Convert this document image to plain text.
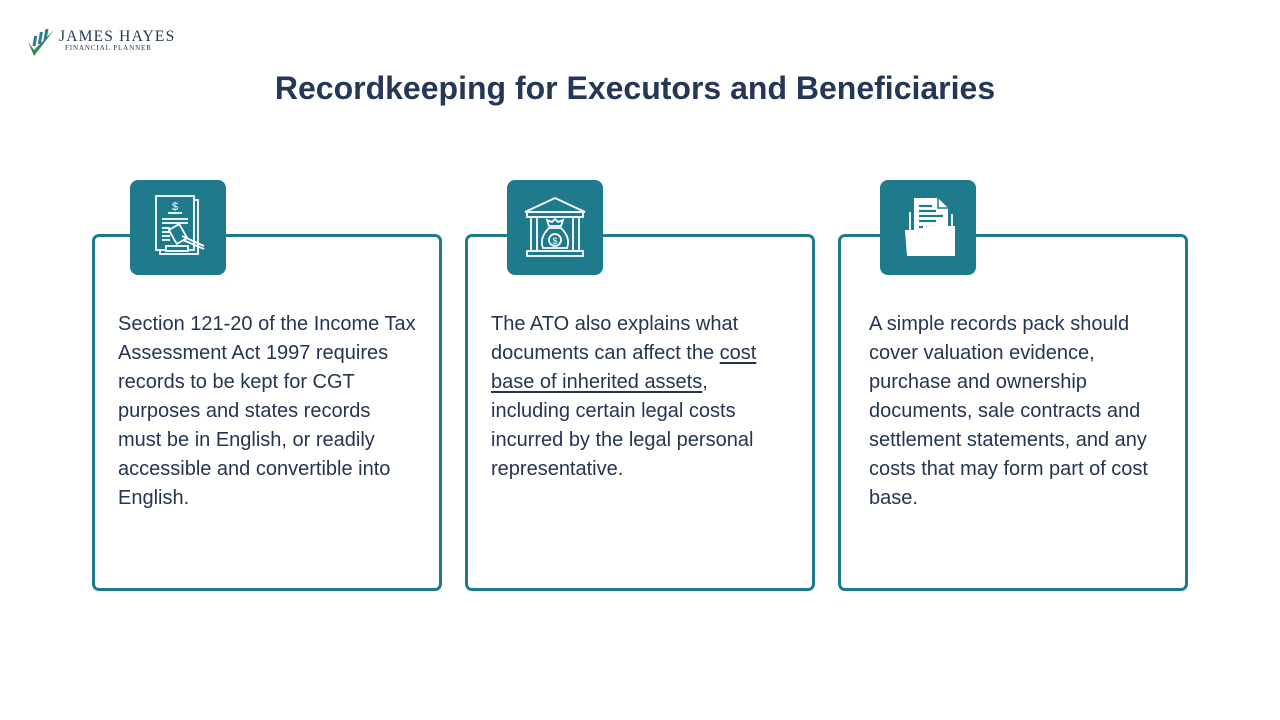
JAMES HAYES
FINANCIAL PLANNER
Recordkeeping for Executors and Beneficiaries
Section 121-20 of the Income Tax Assessment Act 1997 requires records to be kept for CGT purposes and states records must be in English, or readily accessible and convertible into English.
$
The ATO also explains what documents can affect the cost base of inherited assets, including certain legal costs incurred by the legal personal representative.
$
A simple records pack should cover valuation evidence, purchase and ownership documents, sale contracts and settlement statements, and any costs that may form part of cost base.
